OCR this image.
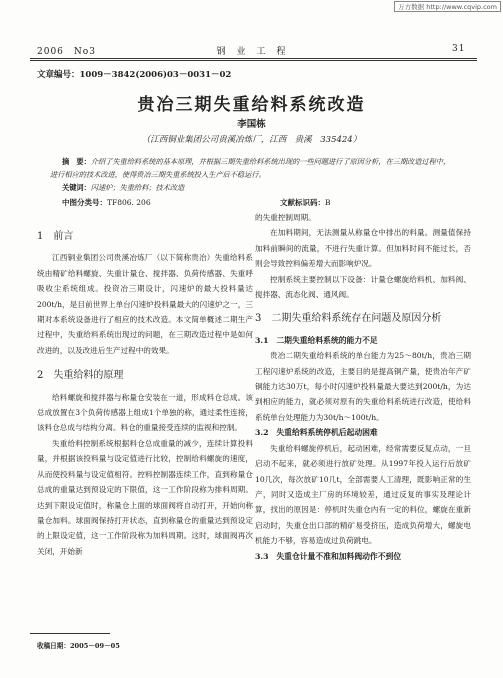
万方数据 http://www.cqvip.com
2006　No3	钢　业　工　程	31
文章编号：1009－3842(2006)03－0031－02
贵冶三期失重给料系统改造
李国栋
（江西铜业集团公司贵溪冶炼厂，江西　贵溪　335424）
摘　要：介绍了失重给料系统的基本原理，并根据三期失重给料系统出现的一些问题进行了原因分析，在三期改造过程中，进行相应的技术改进，使得贵冶三期失重系统投入生产后不稳运行。
关键词：闪速炉；失重给料；技术改造
中图分类号：TF806. 206	文献标识码：B

1　前言

江西铜业集团公司贵溪冶炼厂（以下简称贵冶）失重给料系统由精矿给料螺旋、失重计量仓、搅拌器、负荷传感器、失重呼吸收尘系统组成。投资冶三期设计，闪速炉的最大投料量达200t/h，是目前世界上单台闪速炉投料量最大的闪速炉之一，三期对本系统设备进行了相应的技术改造。本文简单概述二期生产过程中，失重给料系统出现过的问题，在三期改造过程中是如何改进的，以及改进后生产过程中的效果。

2　失重给料的原理

给料螺旋和搅拌器与称量仓安装在一道，形成料仓总成。该总成放置在3个负荷传感器上组成1个单独的称，通过柔性连接，该料仓总成与结构分离。料仓的重量接受连续的监视和控制。

失重给料控制系统根据料仓总成重量的减少，连续计算投料量，并根据该投料量与设定值进行比较，控制给料螺旋的速度，从而使投料量与设定值相符。控料控制器连续工作，直到称量仓总成的重量达到预设定的下限值，这一工作阶段称为排料周期。达到下限设定值时，称量仓上面的球面阀将自动打开，开始向称量仓加料。球面阀保持打开状态，直到称量仓的重量达到预设定的上限设定值，这一工作阶段称为加料周期。这时，球面阀再次关闭，开始新

的失重控制周期。

在加料期间，无法测量从称量仓中排出的料量。测量值保持加料前瞬间的流量，不进行失重计算。但加料时间不能过长，否则会导致控料偏差增大而影响炉况。

控制系统主要控制以下设备：计量仓螺旋给料机、加料阀、搅拌器、流态化阀、通风阀。

3　二期失重给料系统存在问题及原因分析

3.1　二期失重给料系统的能力不足

贵冶二期失重给料系统的单台能力为25～80t/h，贵冶三期工程闪速炉系统的改造，主要目的是提高铜产量，使贵冶年产矿铜能力达30万t，每小时闪速炉投料量最大要达到200t/h，为达到相应的能力，就必须对原有的失重给料系统进行改造，使给料系统单台处理能力为30t/h～100t/h。

3.2　失重给料系统停机后起动困难

失重给料螺旋停机后，起动困难，经常需要反复点动，一旦启动不起来，就必须进行放矿处理。从1997年投入运行后放矿10几次，每次放矿10几t，全部需要人工清理，既影响正常的生产，同时又造成主厂房的环境较差，通过反复的事实及理论计算，找出的原因是：停机时失重仓内有一定的料位，螺旋在重新启动时，失重仓出口部的精矿易受挤压，造成负荷增大，螺旋电机能力不够，容易造成过负荷跳电。

3.3　失重仓计量不准和加料阀动作不到位

收稿日期：2005－09－05
